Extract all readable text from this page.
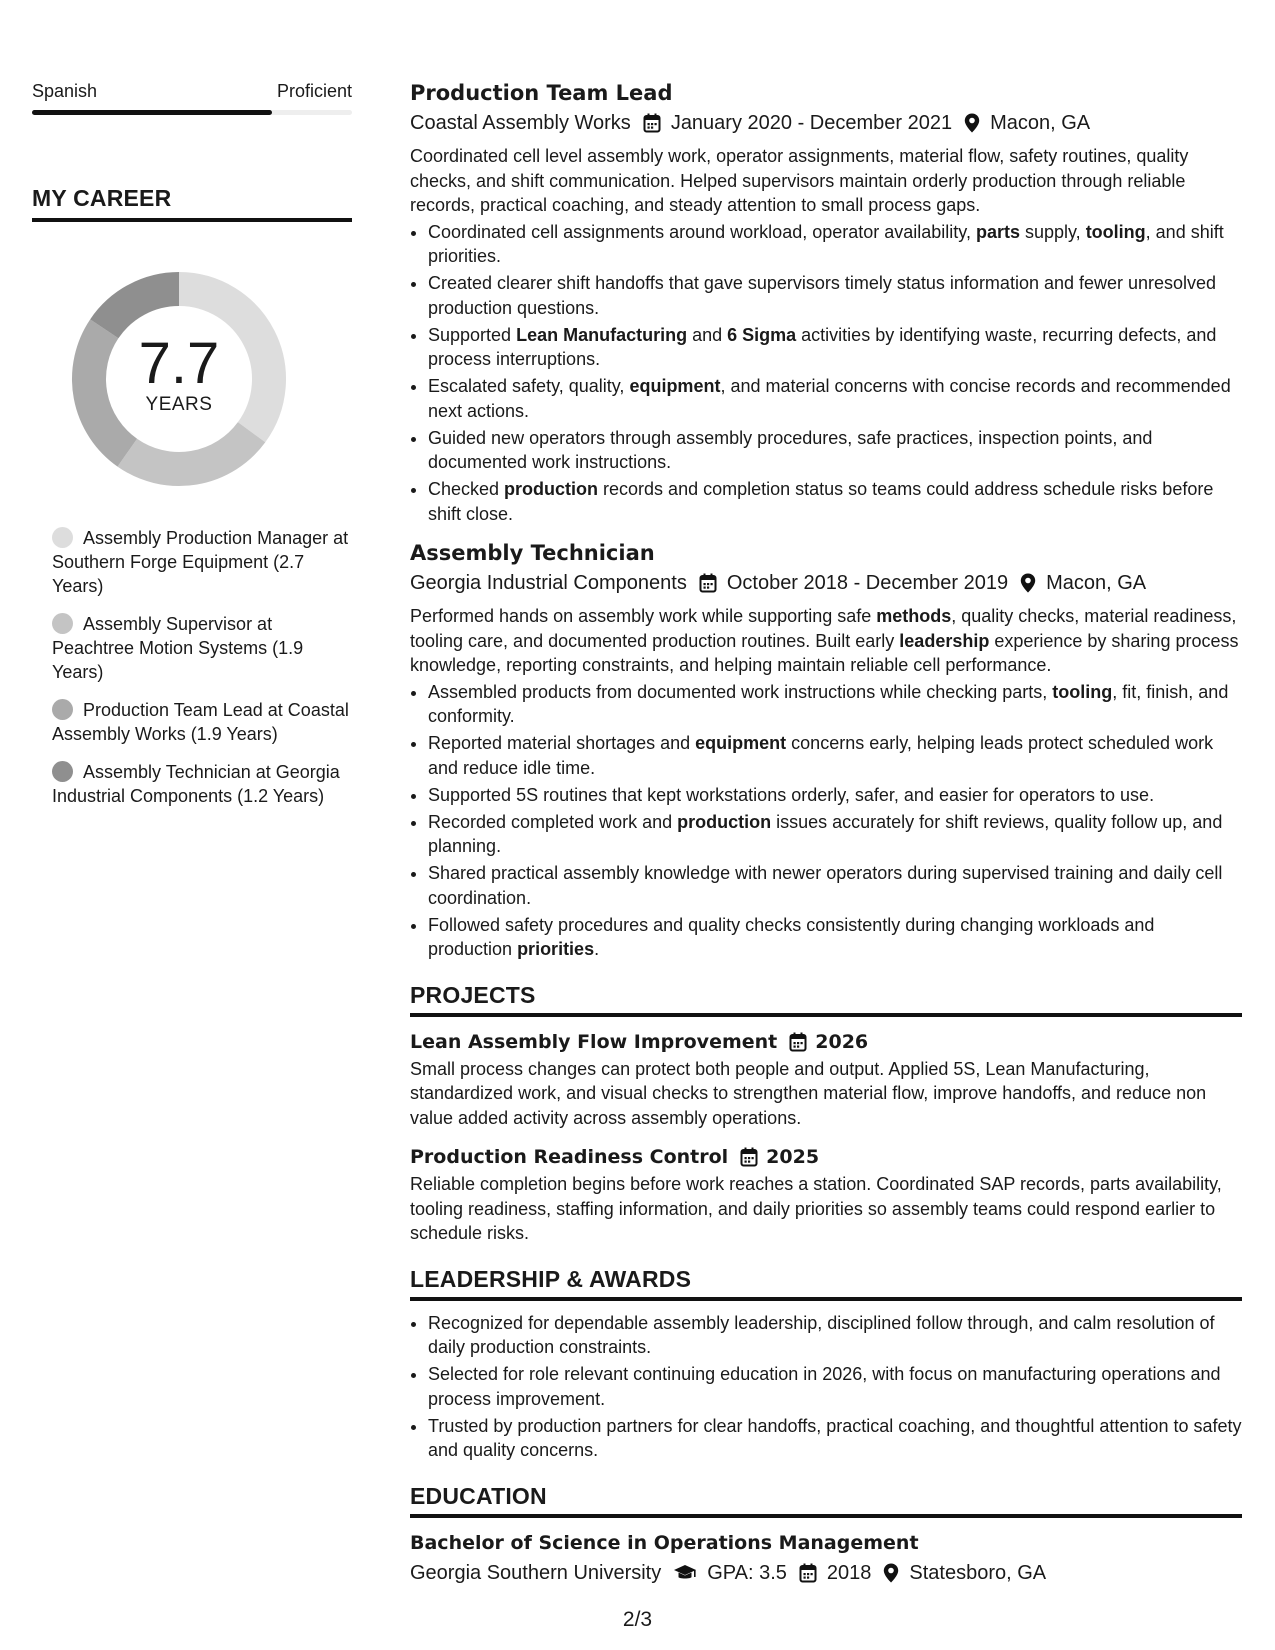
Spanish	Proficient
MY CAREER
7.7
YEARS
Assembly Production Manager at Southern Forge Equipment (2.7 Years)
Assembly Supervisor at Peachtree Motion Systems (1.9 Years)
Production Team Lead at Coastal Assembly Works (1.9 Years)
Assembly Technician at Georgia Industrial Components (1.2 Years)
Production Team Lead
Coastal Assembly Works January 2020 - December 2021 Macon, GA
Coordinated cell level assembly work, operator assignments, material flow, safety routines, quality checks, and shift communication. Helped supervisors maintain orderly production through reliable records, practical coaching, and steady attention to small process gaps.
• Coordinated cell assignments around workload, operator availability, parts supply, tooling, and shift priorities.
• Created clearer shift handoffs that gave supervisors timely status information and fewer unresolved production questions.
• Supported Lean Manufacturing and 6 Sigma activities by identifying waste, recurring defects, and process interruptions.
• Escalated safety, quality, equipment, and material concerns with concise records and recommended next actions.
• Guided new operators through assembly procedures, safe practices, inspection points, and documented work instructions.
• Checked production records and completion status so teams could address schedule risks before shift close.
Assembly Technician
Georgia Industrial Components October 2018 - December 2019 Macon, GA
Performed hands on assembly work while supporting safe methods, quality checks, material readiness, tooling care, and documented production routines. Built early leadership experience by sharing process knowledge, reporting constraints, and helping maintain reliable cell performance.
• Assembled products from documented work instructions while checking parts, tooling, fit, finish, and conformity.
• Reported material shortages and equipment concerns early, helping leads protect scheduled work and reduce idle time.
• Supported 5S routines that kept workstations orderly, safer, and easier for operators to use.
• Recorded completed work and production issues accurately for shift reviews, quality follow up, and planning.
• Shared practical assembly knowledge with newer operators during supervised training and daily cell coordination.
• Followed safety procedures and quality checks consistently during changing workloads and production priorities.
PROJECTS
Lean Assembly Flow Improvement 2026
Small process changes can protect both people and output. Applied 5S, Lean Manufacturing, standardized work, and visual checks to strengthen material flow, improve handoffs, and reduce non value added activity across assembly operations.
Production Readiness Control 2025
Reliable completion begins before work reaches a station. Coordinated SAP records, parts availability, tooling readiness, staffing information, and daily priorities so assembly teams could respond earlier to schedule risks.
LEADERSHIP & AWARDS
• Recognized for dependable assembly leadership, disciplined follow through, and calm resolution of daily production constraints.
• Selected for role relevant continuing education in 2026, with focus on manufacturing operations and process improvement.
• Trusted by production partners for clear handoffs, practical coaching, and thoughtful attention to safety and quality concerns.
EDUCATION
Bachelor of Science in Operations Management
Georgia Southern University GPA: 3.5 2018 Statesboro, GA
2/3
